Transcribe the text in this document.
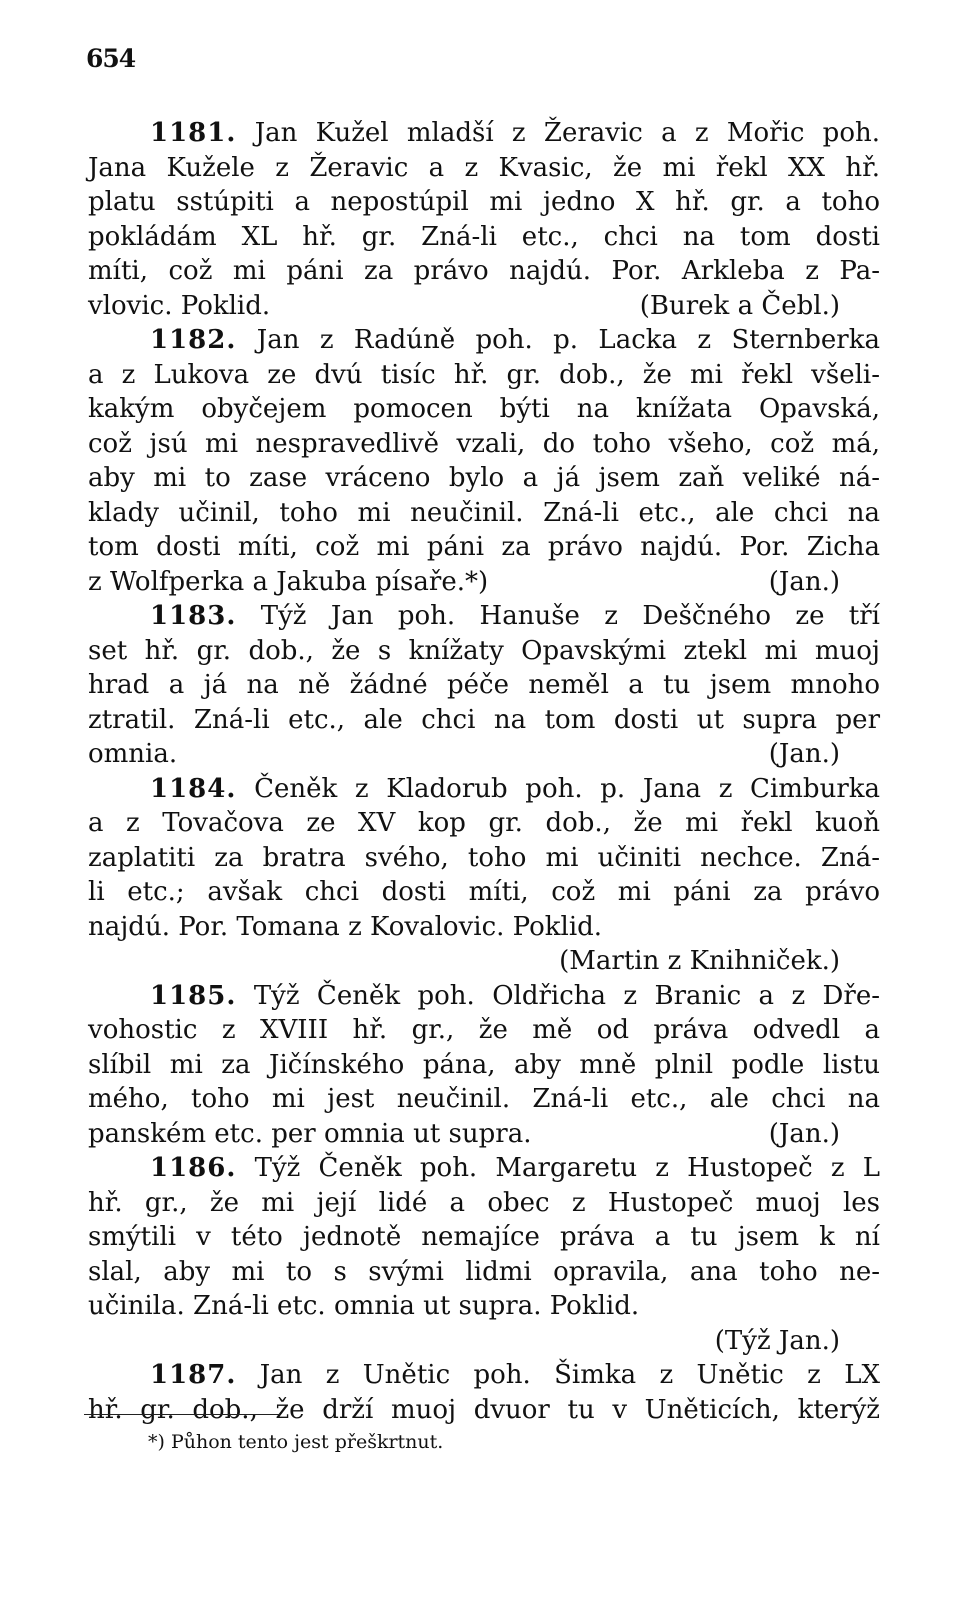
654
1181. Jan Kužel mladší z Žeravic a z Mořic poh.
Jana Kužele z Žeravic a z Kvasic, že mi řekl XX hř.
platu sstúpiti a nepostúpil mi jedno X hř. gr. a toho
pokládám XL hř. gr. Zná-li etc., chci na tom dosti
míti, což mi páni za právo najdú. Por. Arkleba z Pa-
vlovic. Poklid.	(Burek a Čebl.)
1182. Jan z Radúně poh. p. Lacka z Sternberka
a z Lukova ze dvú tisíc hř. gr. dob., že mi řekl všeli-
kakým obyčejem pomocen býti na knížata Opavská,
což jsú mi nespravedlivě vzali, do toho všeho, což má,
aby mi to zase vráceno bylo a já jsem zaň veliké ná-
klady učinil, toho mi neučinil. Zná-li etc., ale chci na
tom dosti míti, což mi páni za právo najdú. Por. Zicha
z Wolfperka a Jakuba písaře.*)	(Jan.)
1183. Týž Jan poh. Hanuše z Deščného ze tří
set hř. gr. dob., že s knížaty Opavskými ztekl mi muoj
hrad a já na ně žádné péče neměl a tu jsem mnoho
ztratil. Zná-li etc., ale chci na tom dosti ut supra per
omnia.	(Jan.)
1184. Čeněk z Kladorub poh. p. Jana z Cimburka
a z Tovačova ze XV kop gr. dob., že mi řekl kuoň
zaplatiti za bratra svého, toho mi učiniti nechce. Zná-
li etc.; avšak chci dosti míti, což mi páni za právo
najdú. Por. Tomana z Kovalovic. Poklid.
(Martin z Knihniček.)
1185. Týž Čeněk poh. Oldřicha z Branic a z Dře-
vohostic z XVIII hř. gr., že mě od práva odvedl a
slíbil mi za Jičínského pána, aby mně plnil podle listu
mého, toho mi jest neučinil. Zná-li etc., ale chci na
panském etc. per omnia ut supra.	(Jan.)
1186. Týž Čeněk poh. Margaretu z Hustopeč z L
hř. gr., že mi její lidé a obec z Hustopeč muoj les
smýtili v této jednotě nemajíce práva a tu jsem k ní
slal, aby mi to s svými lidmi opravila, ana toho ne-
učinila. Zná-li etc. omnia ut supra. Poklid.
(Týž Jan.)
1187. Jan z Unětic poh. Šimka z Unětic z LX
hř. gr. dob., že drží muoj dvuor tu v Uněticích, kterýž
*) Půhon tento jest přeškrtnut.
